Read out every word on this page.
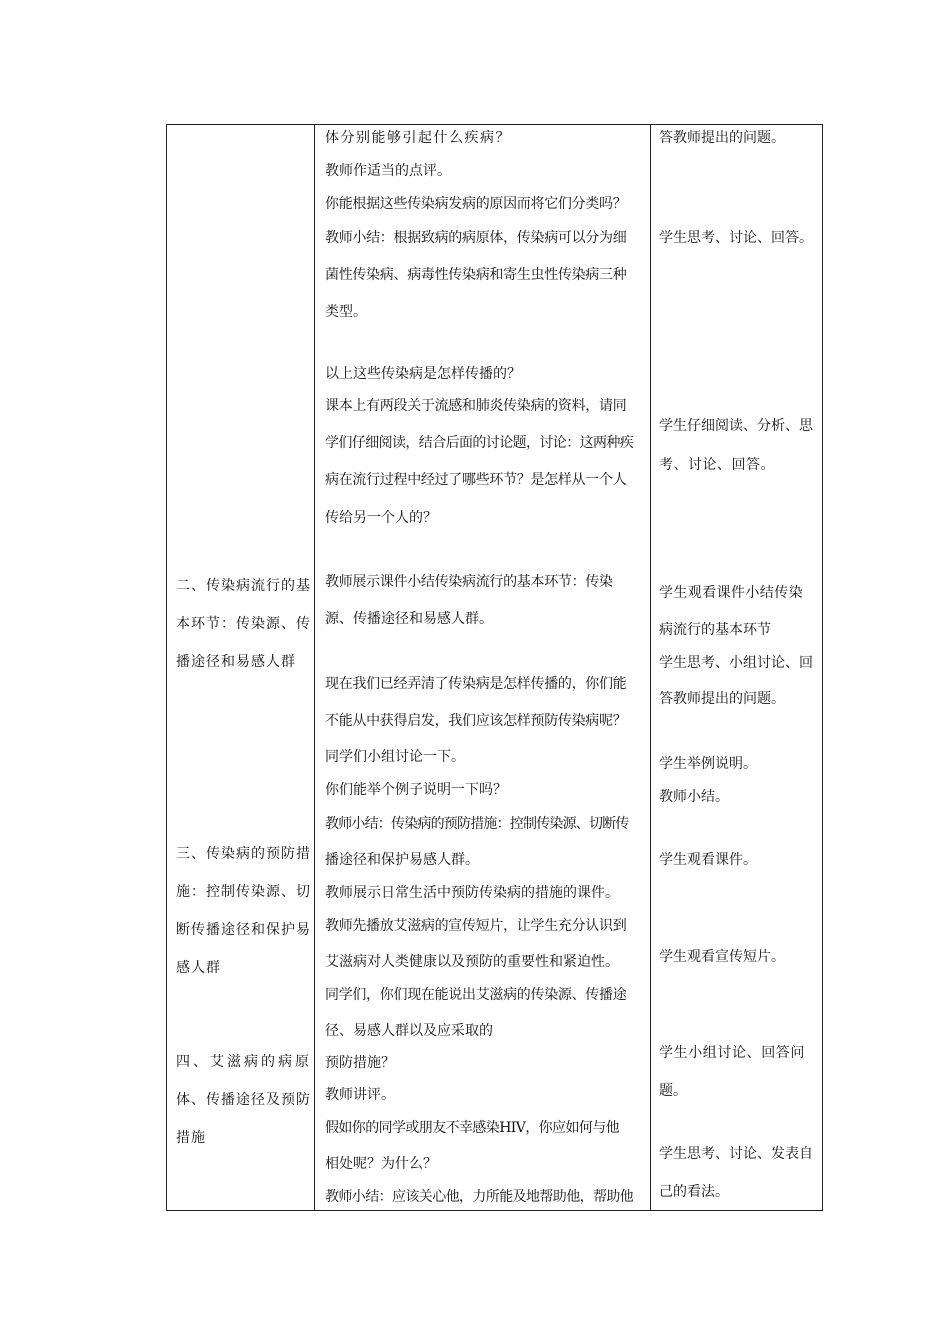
二、传染病流行的基
本环节：传染源、传
播途径和易感人群
三、传染病的预防措
施：控制传染源、切
断传播途径和保护易
感人群
四、艾滋病的病原
体、传播途径及预防
措施
体分别能够引起什么疾病？
教师作适当的点评。
你能根据这些传染病发病的原因而将它们分类吗？
教师小结：根据致病的病原体，传染病可以分为细
菌性传染病、病毒性传染病和寄生虫性传染病三种
类型。
以上这些传染病是怎样传播的？
课本上有两段关于流感和肺炎传染病的资料，请同
学们仔细阅读，结合后面的讨论题，讨论：这两种疾
病在流行过程中经过了哪些环节？是怎样从一个人
传给另一个人的？
教师展示课件小结传染病流行的基本环节：传染
源、传播途径和易感人群。
现在我们已经弄清了传染病是怎样传播的，你们能
不能从中获得启发，我们应该怎样预防传染病呢？
同学们小组讨论一下。
你们能举个例子说明一下吗？
教师小结：传染病的预防措施：控制传染源、切断传
播途径和保护易感人群。
教师展示日常生活中预防传染病的措施的课件。
教师先播放艾滋病的宣传短片，让学生充分认识到
艾滋病对人类健康以及预防的重要性和紧迫性。
同学们，你们现在能说出艾滋病的传染源、传播途
径、易感人群以及应采取的
预防措施？
教师讲评。
假如你的同学或朋友不幸感染HIV，你应如何与他
相处呢？为什么？
教师小结：应该关心他，力所能及地帮助他，帮助他
答教师提出的问题。
学生思考、讨论、回答。
学生仔细阅读、分析、思
考、讨论、回答。
学生观看课件小结传染
病流行的基本环节
学生思考、小组讨论、回
答教师提出的问题。
学生举例说明。
教师小结。
学生观看课件。
学生观看宣传短片。
学生小组讨论、回答问
题。
学生思考、讨论、发表自
己的看法。
